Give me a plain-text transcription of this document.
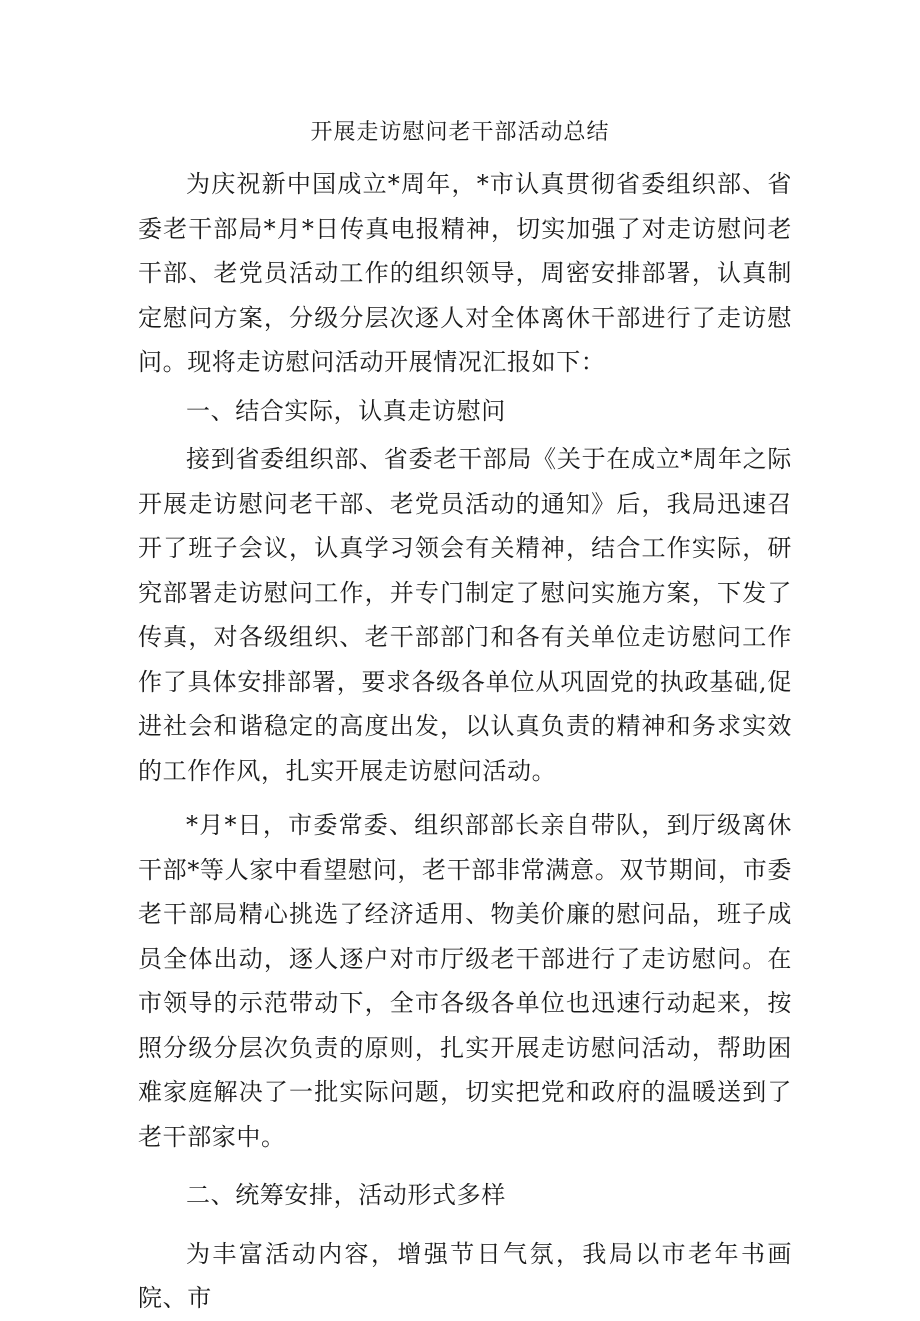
开展走访慰问老干部活动总结

为庆祝新中国成立*周年，*市认真贯彻省委组织部、省委老干部局*月*日传真电报精神，切实加强了对走访慰问老干部、老党员活动工作的组织领导，周密安排部署，认真制定慰问方案，分级分层次逐人对全体离休干部进行了走访慰问。现将走访慰问活动开展情况汇报如下：

一、结合实际，认真走访慰问

接到省委组织部、省委老干部局《关于在成立*周年之际开展走访慰问老干部、老党员活动的通知》后，我局迅速召开了班子会议，认真学习领会有关精神，结合工作实际，研究部署走访慰问工作，并专门制定了慰问实施方案，下发了传真，对各级组织、老干部部门和各有关单位走访慰问工作作了具体安排部署，要求各级各单位从巩固党的执政基础,促进社会和谐稳定的高度出发，以认真负责的精神和务求实效的工作作风，扎实开展走访慰问活动。

*月*日，市委常委、组织部部长亲自带队，到厅级离休干部*等人家中看望慰问，老干部非常满意。双节期间，市委老干部局精心挑选了经济适用、物美价廉的慰问品，班子成员全体出动，逐人逐户对市厅级老干部进行了走访慰问。在市领导的示范带动下，全市各级各单位也迅速行动起来，按照分级分层次负责的原则，扎实开展走访慰问活动，帮助困难家庭解决了一批实际问题，切实把党和政府的温暖送到了老干部家中。

二、统筹安排，活动形式多样

为丰富活动内容，增强节日气氛，我局以市老年书画院、市
